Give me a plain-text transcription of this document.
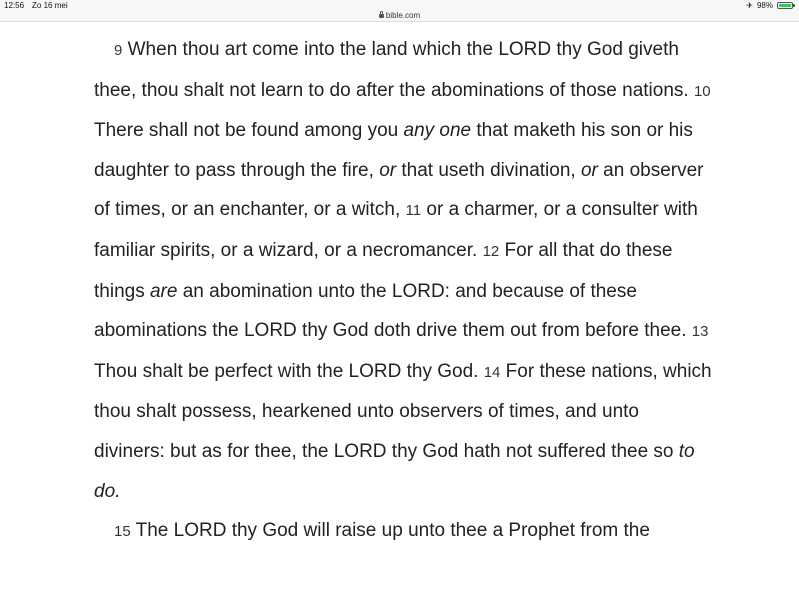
12:56 Zo 16 mei	✈ 98%
bible.com

9 When thou art come into the land which the LORD thy God giveth thee, thou shalt not learn to do after the abominations of those nations. 10 There shall not be found among you any one that maketh his son or his daughter to pass through the fire, or that useth divination, or an observer of times, or an enchanter, or a witch, 11 or a charmer, or a consulter with familiar spirits, or a wizard, or a necromancer. 12 For all that do these things are an abomination unto the LORD: and because of these abominations the LORD thy God doth drive them out from before thee. 13 Thou shalt be perfect with the LORD thy God. 14 For these nations, which thou shalt possess, hearkened unto observers of times, and unto diviners: but as for thee, the LORD thy God hath not suffered thee so to do.

15 The LORD thy God will raise up unto thee a Prophet from the
